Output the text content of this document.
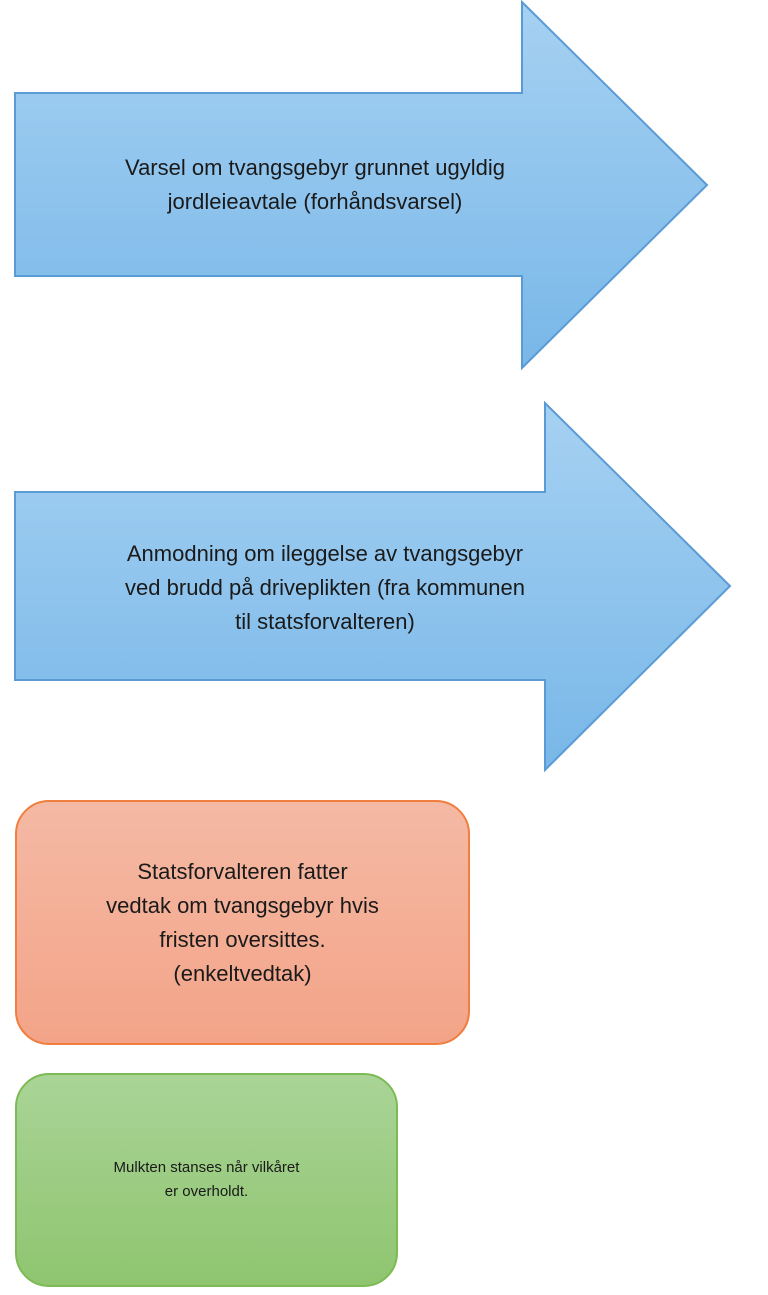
Varsel om tvangsgebyr grunnet ugyldig
jordleieavtale (forhåndsvarsel)
Anmodning om ileggelse av tvangsgebyr
ved brudd på driveplikten (fra kommunen
til statsforvalteren)
Statsforvalteren fatter
vedtak om tvangsgebyr hvis
fristen oversittes.
(enkeltvedtak)
Mulkten stanses når vilkåret
er overholdt.
